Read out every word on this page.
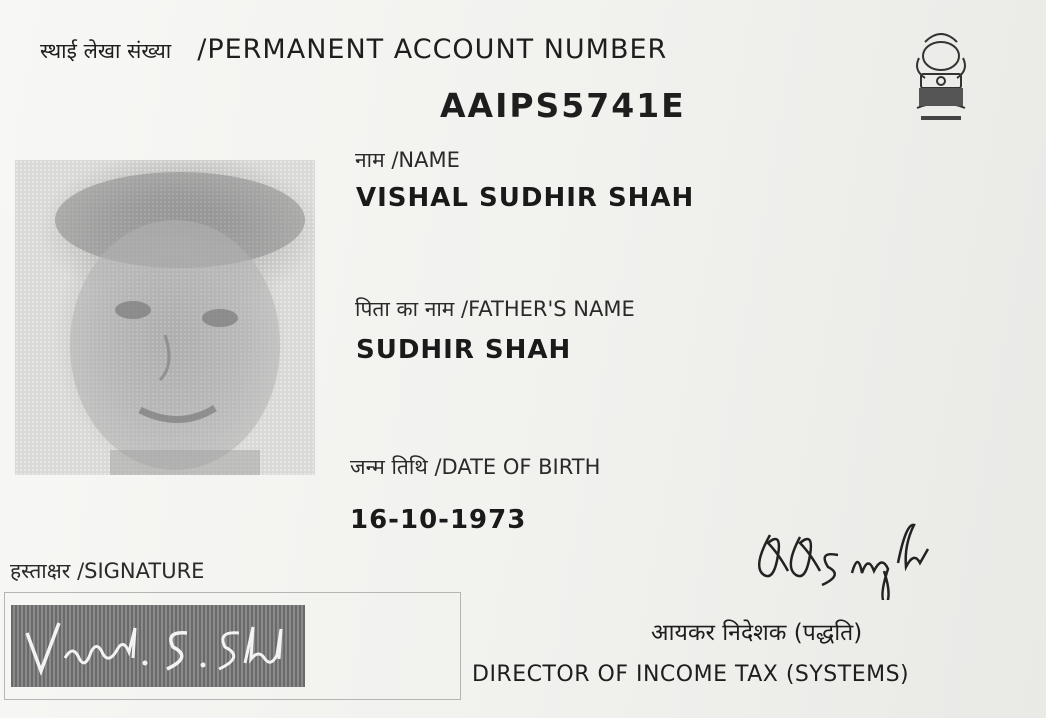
स्थाई लेखा संख्या /PERMANENT ACCOUNT NUMBER
AAIPS5741E
नाम /NAME
VISHAL SUDHIR SHAH
पिता का नाम /FATHER'S NAME
SUDHIR SHAH
जन्म तिथि /DATE OF BIRTH
16-10-1973
हस्ताक्षर /SIGNATURE
आयकर निदेशक (पद्धति)
DIRECTOR OF INCOME TAX (SYSTEMS)
